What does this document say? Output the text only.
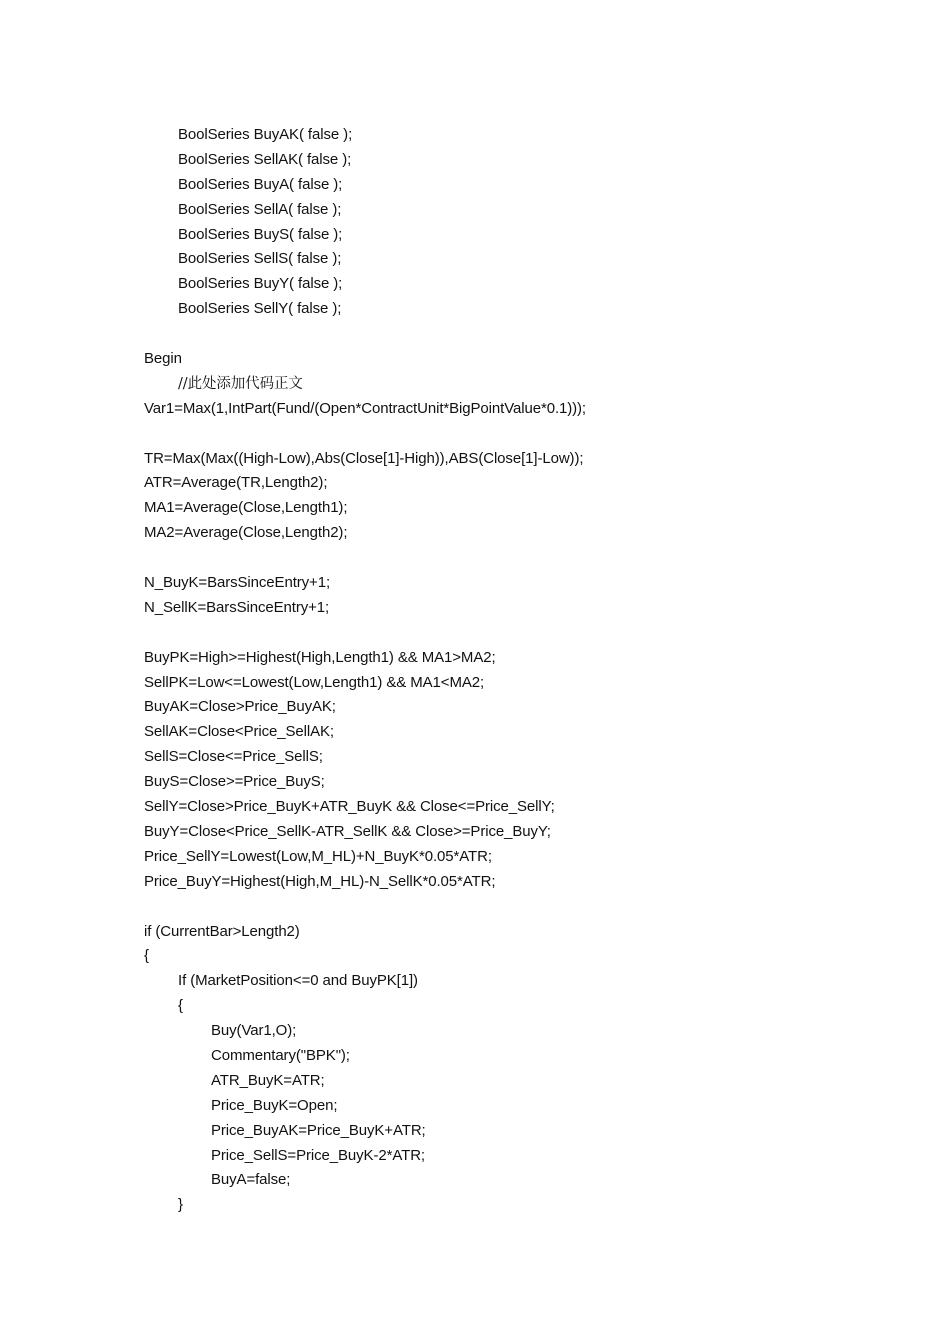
BoolSeries BuyAK( false );
BoolSeries SellAK( false );
BoolSeries BuyA( false );
BoolSeries SellA( false );
BoolSeries BuyS( false );
BoolSeries SellS( false );
BoolSeries BuyY( false );
BoolSeries SellY( false );
Begin
//此处添加代码正文
Var1=Max(1,IntPart(Fund/(Open*ContractUnit*BigPointValue*0.1)));
TR=Max(Max((High-Low),Abs(Close[1]-High)),ABS(Close[1]-Low));
ATR=Average(TR,Length2);
MA1=Average(Close,Length1);
MA2=Average(Close,Length2);
N_BuyK=BarsSinceEntry+1;
N_SellK=BarsSinceEntry+1;
BuyPK=High>=Highest(High,Length1) && MA1>MA2;
SellPK=Low<=Lowest(Low,Length1) && MA1<MA2;
BuyAK=Close>Price_BuyAK;
SellAK=Close<Price_SellAK;
SellS=Close<=Price_SellS;
BuyS=Close>=Price_BuyS;
SellY=Close>Price_BuyK+ATR_BuyK && Close<=Price_SellY;
BuyY=Close<Price_SellK-ATR_SellK && Close>=Price_BuyY;
Price_SellY=Lowest(Low,M_HL)+N_BuyK*0.05*ATR;
Price_BuyY=Highest(High,M_HL)-N_SellK*0.05*ATR;
if (CurrentBar>Length2)
{
If (MarketPosition<=0 and BuyPK[1])
{
Buy(Var1,O);
Commentary("BPK");
ATR_BuyK=ATR;
Price_BuyK=Open;
Price_BuyAK=Price_BuyK+ATR;
Price_SellS=Price_BuyK-2*ATR;
BuyA=false;
}
